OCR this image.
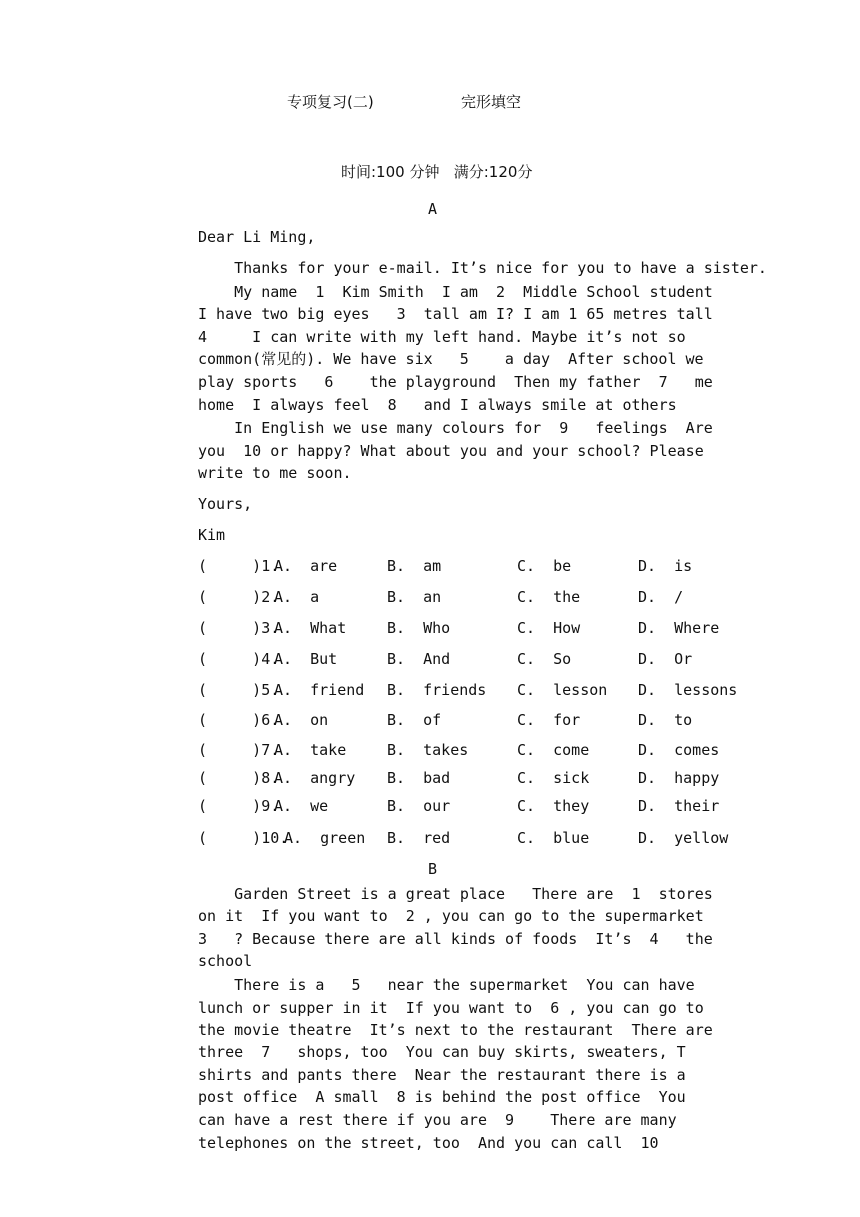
专项复习(二)	完形填空
时间:100 分钟   满分:120分
A
Dear Li Ming,
Thanks for your e-mail. It’s nice for you to have a sister.
My name  1  Kim Smith  I am  2  Middle School student
I have two big eyes   3  tall am I? I am 1 65 metres tall
4     I can write with my left hand. Maybe it’s not so
common(常见的). We have six   5    a day  After school we
play sports   6    the playground  Then my father  7   me
home  I always feel  8   and I always smile at others
In English we use many colours for  9   feelings  Are
you  10 or happy? What about you and your school? Please
write to me soon.
Yours,
Kim
(     )1.
A.  are	B.  am	C.  be	D.  is
(     )2.
A.  a	B.  an	C.  the	D.  /
(     )3.
A.  What	B.  Who	C.  How	D.  Where
(     )4.
A.  But	B.  And	C.  So	D.  Or
(     )5.
A.  friend B.  friends C.  lesson D.  lessons
(     )6.
A.  on	B.  of	C.  for	D.  to
(     )7.
A.  take	B.  takes	C.  come	D.  comes
(     )8.
A.  angry B.  bad	C.  sick	D.  happy
(     )9.
A.  we	B.  our	C.  they	D.  their
(     )10.
A.  green B.  red	C.  blue	D.  yellow
B
Garden Street is a great place   There are  1  stores
on it  If you want to  2 , you can go to the supermarket
3   ? Because there are all kinds of foods  It’s  4   the
school
There is a   5   near the supermarket  You can have
lunch or supper in it  If you want to  6 , you can go to
the movie theatre  It’s next to the restaurant  There are
three  7   shops, too  You can buy skirts, sweaters, T
shirts and pants there  Near the restaurant there is a
post office  A small  8 is behind the post office  You
can have a rest there if you are  9    There are many
telephones on the street, too  And you can call  10
